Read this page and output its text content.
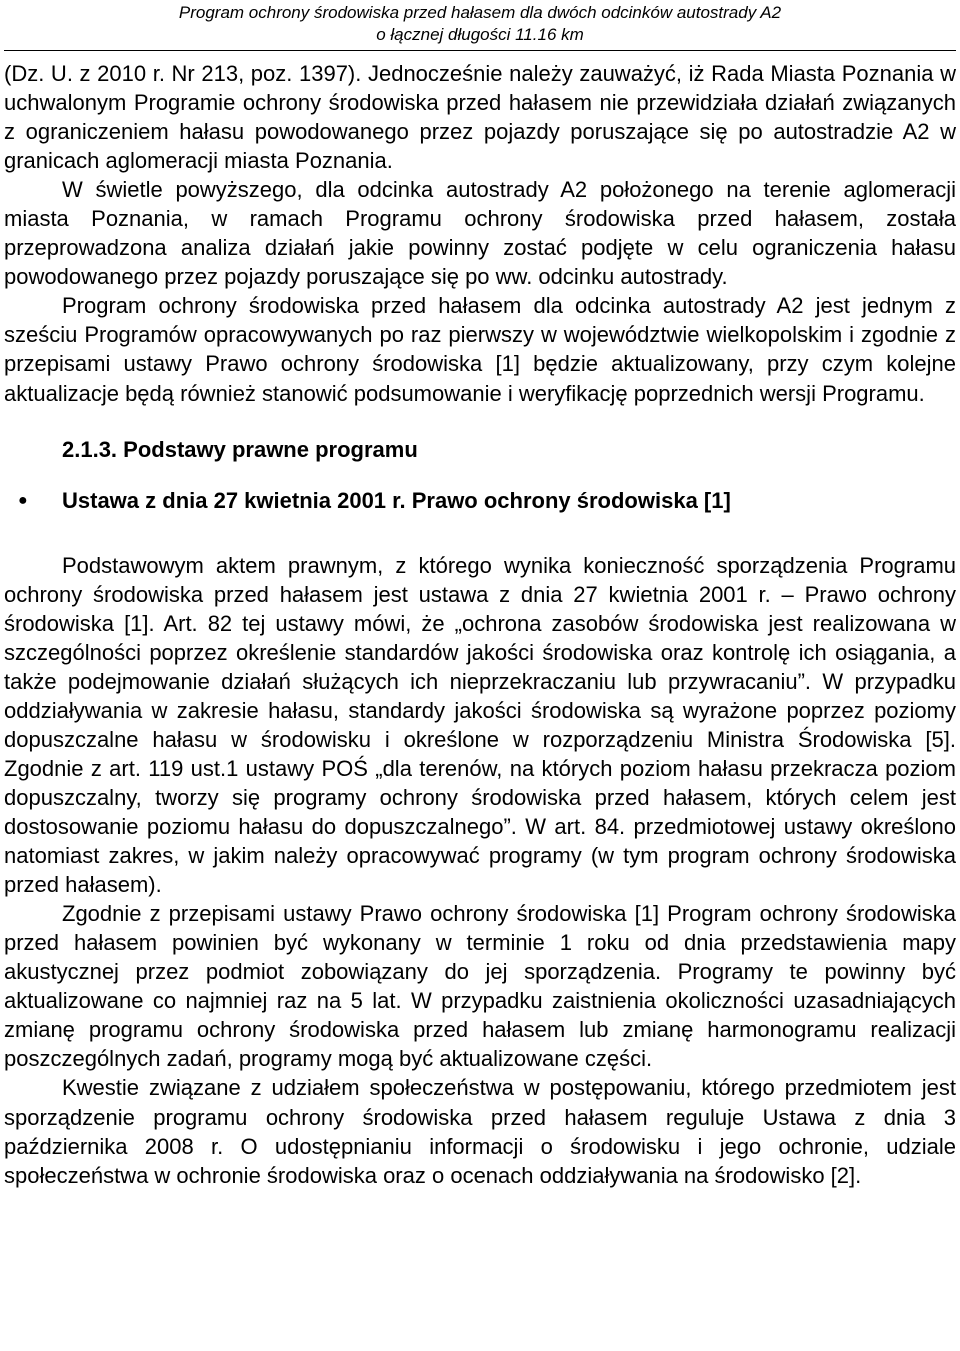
Program ochrony środowiska przed hałasem dla dwóch odcinków autostrady A2
o łącznej długości 11.16 km

(Dz. U. z 2010 r. Nr 213, poz. 1397). Jednocześnie należy zauważyć, iż Rada Miasta Poznania w uchwalonym Programie ochrony środowiska przed hałasem nie przewidziała działań związanych z ograniczeniem hałasu powodowanego przez pojazdy poruszające się po autostradzie A2 w granicach aglomeracji miasta Poznania.

W świetle powyższego, dla odcinka autostrady A2 położonego na terenie aglomeracji miasta Poznania, w ramach Programu ochrony środowiska przed hałasem, została przeprowadzona analiza działań jakie powinny zostać podjęte w celu ograniczenia hałasu powodowanego przez pojazdy poruszające się po ww. odcinku autostrady.

Program ochrony środowiska przed hałasem dla odcinka autostrady A2 jest jednym z sześciu Programów opracowywanych po raz pierwszy w województwie wielkopolskim i zgodnie z przepisami ustawy Prawo ochrony środowiska [1] będzie aktualizowany, przy czym kolejne aktualizacje będą również stanowić podsumowanie i weryfikację poprzednich wersji Programu.

2.1.3. Podstawy prawne programu

● Ustawa z dnia 27 kwietnia 2001 r. Prawo ochrony środowiska [1]

Podstawowym aktem prawnym, z którego wynika konieczność sporządzenia Programu ochrony środowiska przed hałasem jest ustawa z dnia 27 kwietnia 2001 r. – Prawo ochrony środowiska [1]. Art. 82 tej ustawy mówi, że „ochrona zasobów środowiska jest realizowana w szczególności poprzez określenie standardów jakości środowiska oraz kontrolę ich osiągania, a także podejmowanie działań służących ich nieprzekraczaniu lub przywracaniu”. W przypadku oddziaływania w zakresie hałasu, standardy jakości środowiska są wyrażone poprzez poziomy dopuszczalne hałasu w środowisku i określone w rozporządzeniu Ministra Środowiska [5]. Zgodnie z art. 119 ust.1 ustawy POŚ „dla terenów, na których poziom hałasu przekracza poziom dopuszczalny, tworzy się programy ochrony środowiska przed hałasem, których celem jest dostosowanie poziomu hałasu do dopuszczalnego”. W art. 84. przedmiotowej ustawy określono natomiast zakres, w jakim należy opracowywać programy (w tym program ochrony środowiska przed hałasem).

Zgodnie z przepisami ustawy Prawo ochrony środowiska [1] Program ochrony środowiska przed hałasem powinien być wykonany w terminie 1 roku od dnia przedstawienia mapy akustycznej przez podmiot zobowiązany do jej sporządzenia. Programy te powinny być aktualizowane co najmniej raz na 5 lat. W przypadku zaistnienia okoliczności uzasadniających zmianę programu ochrony środowiska przed hałasem lub zmianę harmonogramu realizacji poszczególnych zadań, programy mogą być aktualizowane części.

Kwestie związane z udziałem społeczeństwa w postępowaniu, którego przedmiotem jest sporządzenie programu ochrony środowiska przed hałasem reguluje Ustawa z dnia 3 października 2008 r. O udostępnianiu informacji o środowisku i jego ochronie, udziale społeczeństwa w ochronie środowiska oraz o ocenach oddziaływania na środowisko [2].
